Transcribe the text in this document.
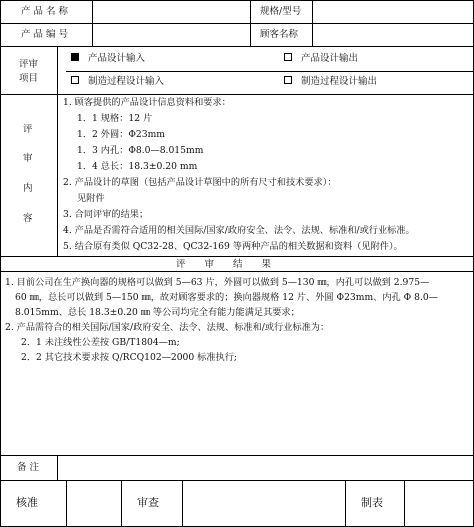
产 品 名 称	规格/型号
产 品 编 号	顾客名称
评审
项目
产品设计输入	产品设计输出
制造过程设计输入	制造过程设计输出
评
审
内
容
1. 顾客提供的产品设计信息资料和要求：
1．1 规格：12 片
1．2 外圆：Φ23mm
1．3 内孔：Φ8.0—8.015mm
1．4 总长：18.3±0.20 mm
2. 产品设计的草图（包括产品设计草图中的所有尺寸和技术要求）：
见附件
3. 合同评审的结果；
4. 产品是否需符合适用的相关国际/国家/政府安全、法令、法规、标准和/或行业标准。
5. 结合原有类似 QC32-28、QC32-169 等两种产品的相关数据和资料（见附件）。
评　　审　　结　　果
1. 目前公司在生产换向器的规格可以做到 5—63 片，外圆可以做到 5—130 ㎜，内孔可以做到 2.975—
60 ㎜，总长可以做到 5—150 ㎜，故对顾客要求的；换向器规格 12 片、外圆 Φ23mm、内孔 Φ 8.0—
8.015mm、总长 18.3±0.20 ㎜ 等公司均完全有能力能满足其要求；
2. 产品需符合的相关国际/国家/政府安全、法令、法规、标准和/或行业标准为：
2．1 未注线性公差按 GB/T1804—m;
2．2 其它技术要求按 Q/RCQ102—2000 标准执行;
备 注
核准	审查	制表
